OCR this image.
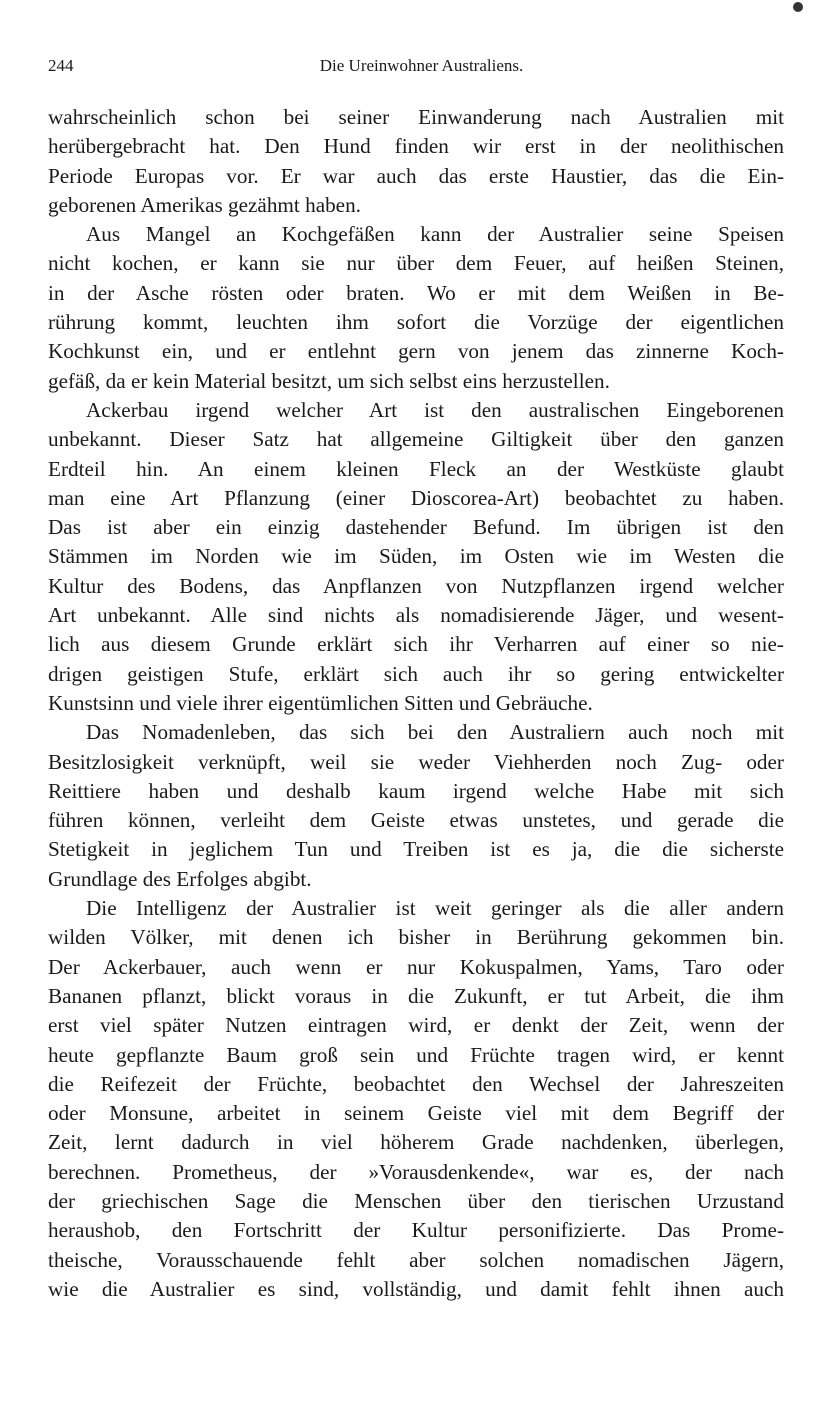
244	Die Ureinwohner Australiens.
wahrscheinlich schon bei seiner Einwanderung nach Australien mit
herübergebracht hat. Den Hund finden wir erst in der neolithischen
Periode Europas vor. Er war auch das erste Haustier, das die Ein-
geborenen Amerikas gezähmt haben.
Aus Mangel an Kochgefäßen kann der Australier seine Speisen
nicht kochen, er kann sie nur über dem Feuer, auf heißen Steinen,
in der Asche rösten oder braten. Wo er mit dem Weißen in Be-
rührung kommt, leuchten ihm sofort die Vorzüge der eigentlichen
Kochkunst ein, und er entlehnt gern von jenem das zinnerne Koch-
gefäß, da er kein Material besitzt, um sich selbst eins herzustellen.
Ackerbau irgend welcher Art ist den australischen Eingeborenen
unbekannt. Dieser Satz hat allgemeine Giltigkeit über den ganzen
Erdteil hin. An einem kleinen Fleck an der Westküste glaubt
man eine Art Pflanzung (einer Dioscorea-Art) beobachtet zu haben.
Das ist aber ein einzig dastehender Befund. Im übrigen ist den
Stämmen im Norden wie im Süden, im Osten wie im Westen die
Kultur des Bodens, das Anpflanzen von Nutzpflanzen irgend welcher
Art unbekannt. Alle sind nichts als nomadisierende Jäger, und wesent-
lich aus diesem Grunde erklärt sich ihr Verharren auf einer so nie-
drigen geistigen Stufe, erklärt sich auch ihr so gering entwickelter
Kunstsinn und viele ihrer eigentümlichen Sitten und Gebräuche.
Das Nomadenleben, das sich bei den Australiern auch noch mit
Besitzlosigkeit verknüpft, weil sie weder Viehherden noch Zug- oder
Reittiere haben und deshalb kaum irgend welche Habe mit sich
führen können, verleiht dem Geiste etwas unstetes, und gerade die
Stetigkeit in jeglichem Tun und Treiben ist es ja, die die sicherste
Grundlage des Erfolges abgibt.
Die Intelligenz der Australier ist weit geringer als die aller andern
wilden Völker, mit denen ich bisher in Berührung gekommen bin.
Der Ackerbauer, auch wenn er nur Kokuspalmen, Yams, Taro oder
Bananen pflanzt, blickt voraus in die Zukunft, er tut Arbeit, die ihm
erst viel später Nutzen eintragen wird, er denkt der Zeit, wenn der
heute gepflanzte Baum groß sein und Früchte tragen wird, er kennt
die Reifezeit der Früchte, beobachtet den Wechsel der Jahreszeiten
oder Monsune, arbeitet in seinem Geiste viel mit dem Begriff der
Zeit, lernt dadurch in viel höherem Grade nachdenken, überlegen,
berechnen. Prometheus, der »Vorausdenkende«, war es, der nach
der griechischen Sage die Menschen über den tierischen Urzustand
heraushob, den Fortschritt der Kultur personifizierte. Das Prome-
theische, Vorausschauende fehlt aber solchen nomadischen Jägern,
wie die Australier es sind, vollständig, und damit fehlt ihnen auch
